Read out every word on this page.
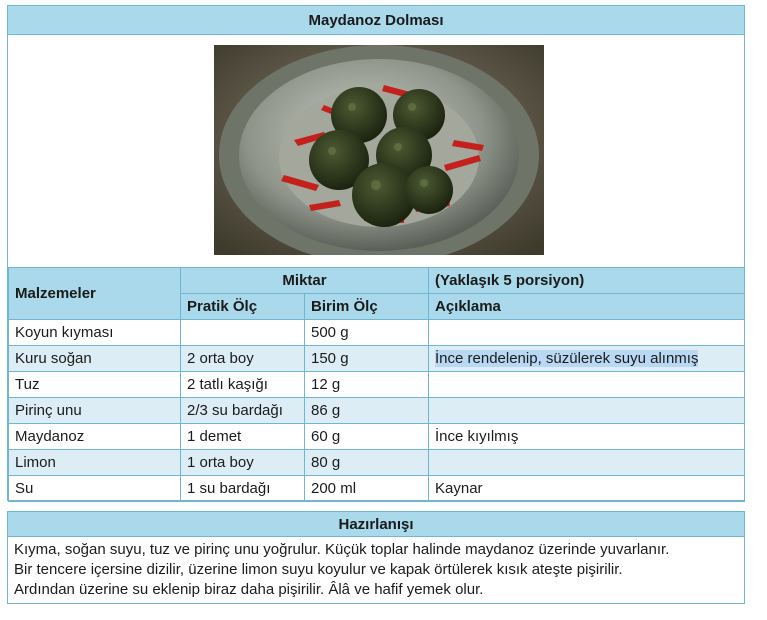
Maydanoz Dolması
Malzemeler	Miktar		(Yaklaşık 5 porsiyon)
	Pratik Ölç	Birim Ölç	Açıklama
Koyun kıyması		500 g	
Kuru soğan	2 orta boy	150 g	İnce rendelenip, süzülerek suyu alınmış
Tuz	2 tatlı kaşığı	12 g	
Pirinç unu	2/3 su bardağı	86 g	
Maydanoz	1 demet	60 g	İnce kıyılmış
Limon	1 orta boy	80 g	
Su	1 su bardağı	200 ml	Kaynar
Hazırlanışı
Kıyma, soğan suyu, tuz ve pirinç unu yoğrulur. Küçük toplar halinde maydanoz üzerinde yuvarlanır.
Bir tencere içersine dizilir, üzerine limon suyu koyulur ve kapak örtülerek kısık ateşte pişirilir.
Ardından üzerine su eklenip biraz daha pişirilir. Âlâ ve hafif yemek olur.
